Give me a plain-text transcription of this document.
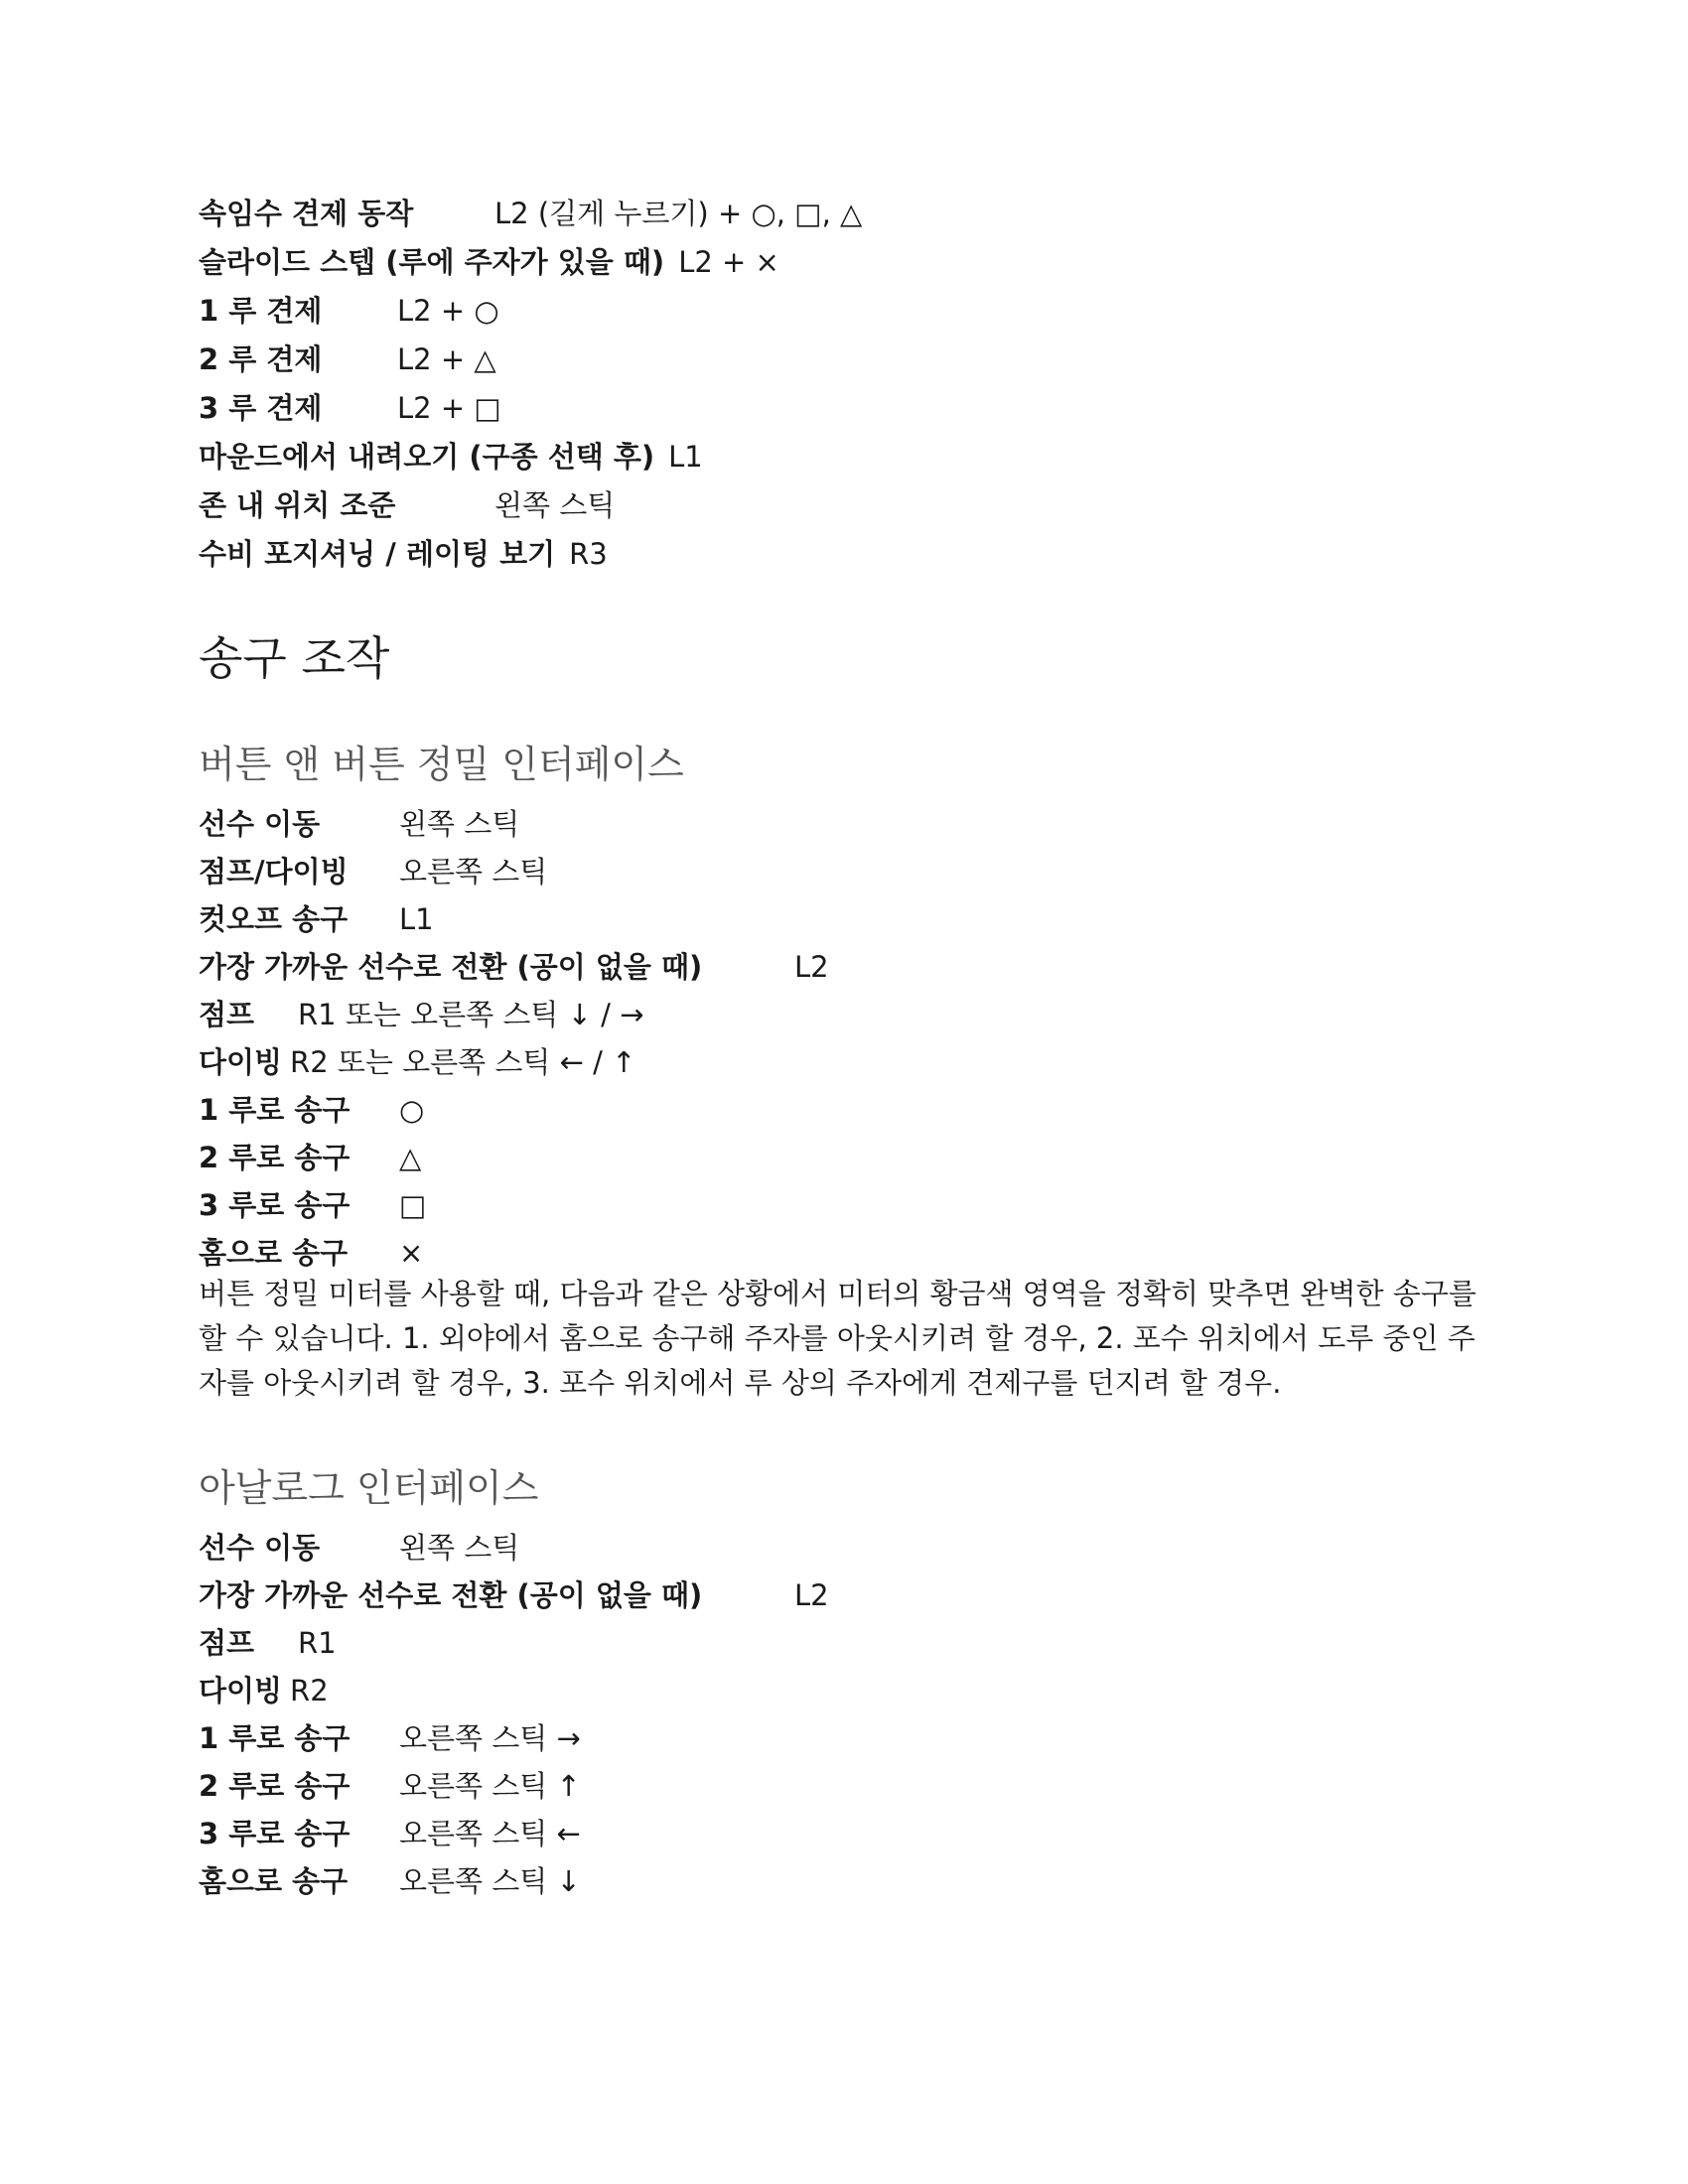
속임수 견제 동작	L2 (길게 누르기) + ○, □, △
슬라이드 스텝 (루에 주자가 있을 때) L2 + ×
1 루 견제	L2 + ○
2 루 견제	L2 + △
3 루 견제	L2 + □
마운드에서 내려오기 (구종 선택 후) L1
존 내 위치 조준	왼쪽 스틱
수비 포지셔닝 / 레이팅 보기 R3
송구 조작
버튼 앤 버튼 정밀 인터페이스
선수 이동	왼쪽 스틱
점프/다이빙	오른쪽 스틱
컷오프 송구	L1
가장 가까운 선수로 전환 (공이 없을 때)	L2
점프	R1 또는 오른쪽 스틱 ↓ / →
다이빙 R2 또는 오른쪽 스틱 ← / ↑
1 루로 송구	○
2 루로 송구	△
3 루로 송구	□
홈으로 송구	×

버튼 정밀 미터를 사용할 때, 다음과 같은 상황에서 미터의 황금색 영역을 정확히 맞추면 완벽한 송구를 할 수 있습니다. 1. 외야에서 홈으로 송구해 주자를 아웃시키려 할 경우, 2. 포수 위치에서 도루 중인 주자를 아웃시키려 할 경우, 3. 포수 위치에서 루 상의 주자에게 견제구를 던지려 할 경우.

아날로그 인터페이스
선수 이동	왼쪽 스틱
가장 가까운 선수로 전환 (공이 없을 때)	L2
점프	R1
다이빙 R2
1 루로 송구	오른쪽 스틱 →
2 루로 송구	오른쪽 스틱 ↑
3 루로 송구	오른쪽 스틱 ←
홈으로 송구	오른쪽 스틱 ↓
